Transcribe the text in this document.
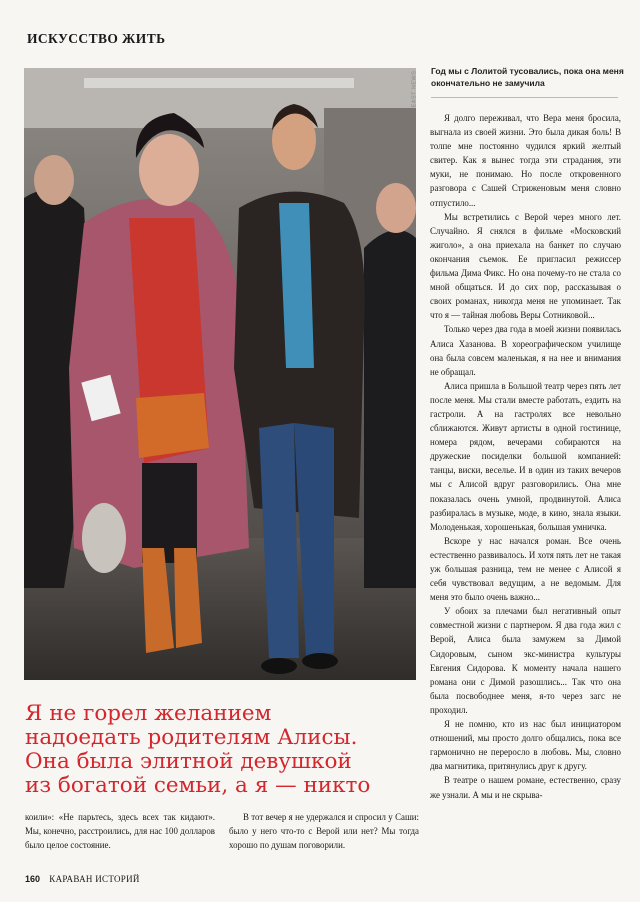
ИСКУССТВО ЖИТЬ
EAST NEWS Год мы с Лолитой тусовались, пока она меня окончательно не замучила

Я долго переживал, что Вера меня бросила, выгнала из своей жизни. Это была дикая боль! В толпе мне постоянно чудился яркий желтый свитер. Как я вынес тогда эти страдания, эти муки, не понимаю. Но после откровенного разговора с Сашей Стриженовым меня словно отпустило...

Мы встретились с Верой через много лет. Случайно. Я снялся в фильме «Московский жиголо», а она приехала на банкет по случаю окончания съемок. Ее пригласил режиссер фильма Дима Фикс. Но она почему-то не стала со мной общаться. И до сих пор, рассказывая о своих романах, никогда меня не упоминает. Так что я — тайная любовь Веры Сотниковой...

Только через два года в моей жизни появилась Алиса Хазанова. В хореографическом училище она была совсем маленькая, я на нее и внимания не обращал.

Алиса пришла в Большой театр через пять лет после меня. Мы стали вместе работать, ездить на гастроли. А на гастролях все невольно сближаются. Живут артисты в одной гостинице, номера рядом, вечерами собираются на дружеские посиделки большой компанией: танцы, виски, веселье. И в один из таких вечеров мы с Алисой вдруг разговорились. Она мне показалась очень умной, продвинутой. Алиса разбиралась в музыке, моде, в кино, знала языки. Молоденькая, хорошенькая, большая умничка.

Вскоре у нас начался роман. Все очень естественно развивалось. И хотя пять лет не такая уж большая разница, тем не менее с Алисой я себя чувствовал ведущим, а не ведомым. Для меня это было очень важно...

У обоих за плечами был негативный опыт совместной жизни с партнером. Я два года жил с Верой, Алиса была замужем за Димой Сидоровым, сыном экс-министра культуры Евгения Сидорова. К моменту начала нашего романа они с Димой разошлись... Так что она была посвободнее меня, я-то через загс не проходил.

Я не помню, кто из нас был инициатором отношений, мы просто долго общались, пока все гармонично не переросло в любовь. Мы, словно два магнитика, притянулись друг к другу.

В театре о нашем романе, естественно, сразу же узнали. А мы и не скрыва-

Я не горел желанием
надоедать родителям Алисы.
Она была элитной девушкой
из богатой семьи, а я — никто

коили»: «Не парьтесь, здесь всех так кидают». Мы, конечно, расстроились, для нас 100 долларов было целое состояние.

В тот вечер я не удержался и спросил у Саши: было у него что-то с Верой или нет? Мы тогда хорошо по душам поговорили.

160 КАРАВАН ИСТОРИЙ
